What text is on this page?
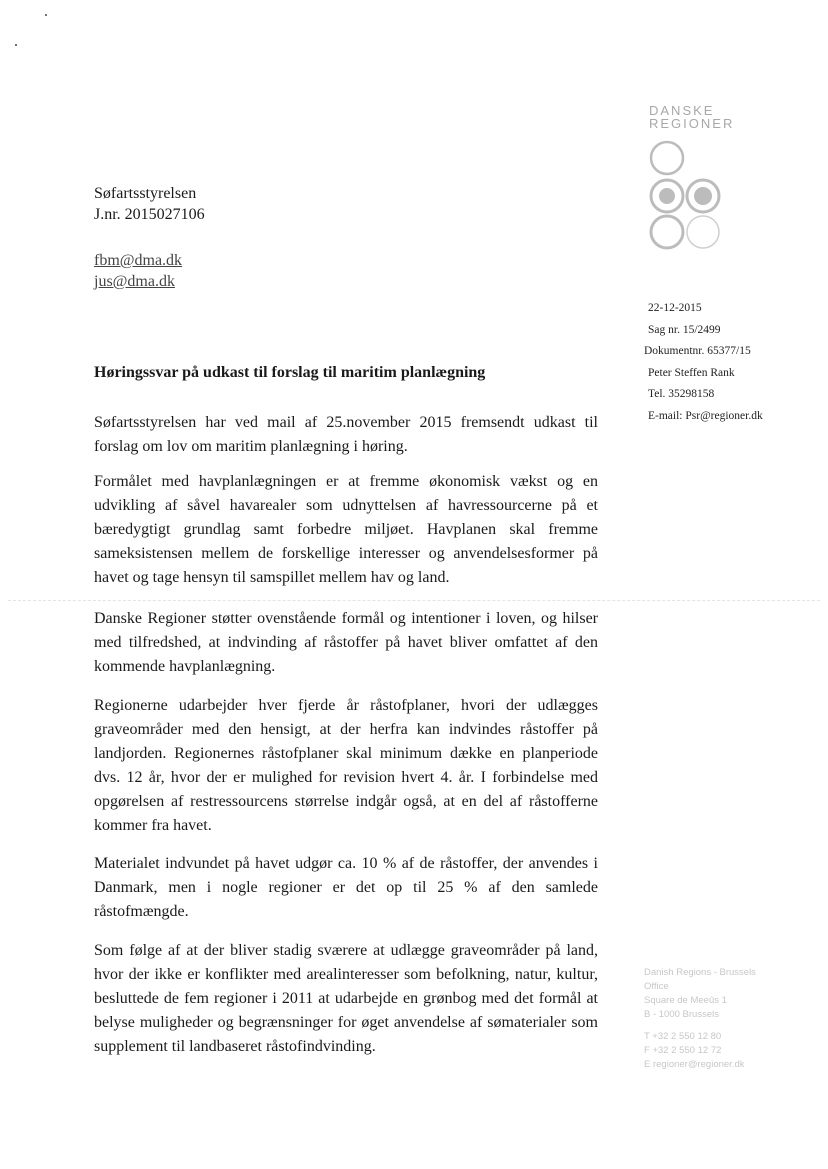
DANSKE
REGIONER
Søfartsstyrelsen
J.nr. 2015027106
fbm@dma.dk
jus@dma.dk
22-12-2015
Sag nr. 15/2499
Dokumentnr. 65377/15
Peter Steffen Rank
Tel. 35298158
E-mail: Psr@regioner.dk
Høringssvar på udkast til forslag til maritim planlægning

Søfartsstyrelsen har ved mail af 25.november 2015 fremsendt udkast til forslag om lov om maritim planlægning i høring.

Formålet med havplanlægningen er at fremme økonomisk vækst og en udvikling af såvel havarealer som udnyttelsen af havressourcerne på et bæredygtigt grundlag samt forbedre miljøet. Havplanen skal fremme sameksistensen mellem de forskellige interesser og anvendelsesformer på havet og tage hensyn til samspillet mellem hav og land.

Danske Regioner støtter ovenstående formål og intentioner i loven, og hilser med tilfredshed, at indvinding af råstoffer på havet bliver omfattet af den kommende havplanlægning.

Regionerne udarbejder hver fjerde år råstofplaner, hvori der udlægges graveområder med den hensigt, at der herfra kan indvindes råstoffer på landjorden. Regionernes råstofplaner skal minimum dække en planperiode dvs. 12 år, hvor der er mulighed for revision hvert 4. år. I forbindelse med opgørelsen af restressourcens størrelse indgår også, at en del af råstofferne kommer fra havet.

Materialet indvundet på havet udgør ca. 10 % af de råstoffer, der anvendes i Danmark, men i nogle regioner er det op til 25 % af den samlede råstofmængde.

Som følge af at der bliver stadig sværere at udlægge graveområder på land, hvor der ikke er konflikter med arealinteresser som befolkning, natur, kultur, besluttede de fem regioner i 2011 at udarbejde en grønbog med det formål at belyse muligheder og begrænsninger for øget anvendelse af sømaterialer som supplement til landbaseret råstofindvinding.

Danish Regions - Brussels
Office
Square de Meeûs 1
B - 1000 Brussels
T +32 2 550 12 80
F +32 2 550 12 72
E regioner@regioner.dk
